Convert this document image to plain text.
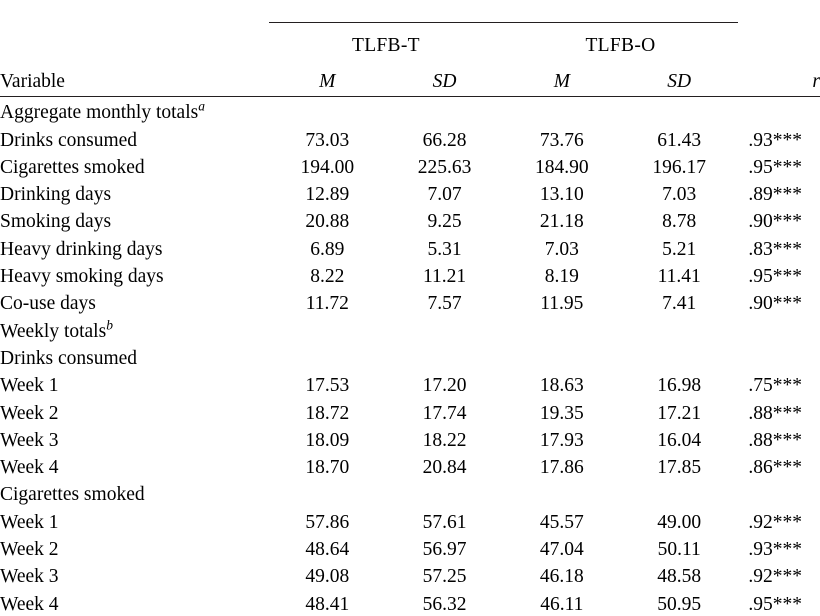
	TLFB-T		TLFB-O		
Variable	M	SD	M	SD	r
Aggregate monthly totals$^a$					
Drinks consumed	73.03	66.28	73.76	61.43	.93***
Cigarettes smoked	194.00	225.63	184.90	196.17	.95***
Drinking days	12.89	7.07	13.10	7.03	.89***
Smoking days	20.88	9.25	21.18	8.78	.90***
Heavy drinking days	6.89	5.31	7.03	5.21	.83***
Heavy smoking days	8.22	11.21	8.19	11.41	.95***
Co-use days	11.72	7.57	11.95	7.41	.90***
Weekly totals$^b$					
Drinks consumed					
Week 1	17.53	17.20	18.63	16.98	.75***
Week 2	18.72	17.74	19.35	17.21	.88***
Week 3	18.09	18.22	17.93	16.04	.88***
Week 4	18.70	20.84	17.86	17.85	.86***
Cigarettes smoked					
Week 1	57.86	57.61	45.57	49.00	.92***
Week 2	48.64	56.97	47.04	50.11	.93***
Week 3	49.08	57.25	46.18	48.58	.92***
Week 4	48.41	56.32	46.11	50.95	.95***
